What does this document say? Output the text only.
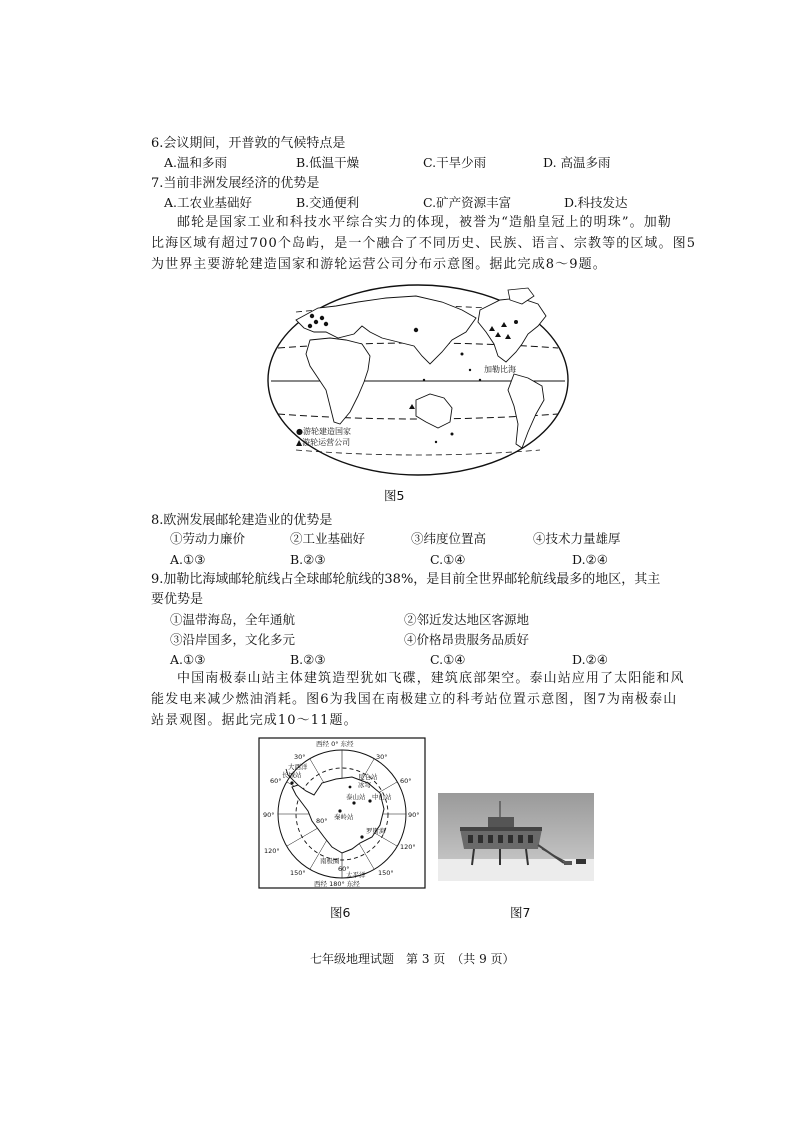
6.会议期间，开普敦的气候特点是
A.温和多雨	B.低温干燥	C.干旱少雨	D. 高温多雨
7.当前非洲发展经济的优势是
A.工农业基础好	B.交通便利	C.矿产资源丰富	D.科技发达
邮轮是国家工业和科技水平综合实力的体现，被誉为“造船皇冠上的明珠”。加勒
比海区域有超过700个岛屿，是一个融合了不同历史、民族、语言、宗教等的区域。图5
为世界主要游轮建造国家和游轮运营公司分布示意图。据此完成8～9题。
加勒比海
●游轮建造国家
▲游轮运营公司
图5
8.欧洲发展邮轮建造业的优势是
①劳动力廉价	②工业基础好	③纬度位置高	④技术力量雄厚
A.①③	B.②③	C.①④	D.②④
9.加勒比海域邮轮航线占全球邮轮航线的38%，是目前全世界邮轮航线最多的地区，其主
要优势是
①温带海岛，全年通航	②邻近发达地区客源地
③沿岸国多，文化多元	④价格昂贵服务品质好
A.①③	B.②③	C.①④	D.②④
中国南极泰山站主体建筑造型犹如飞碟，建筑底部架空。泰山站应用了太阳能和风
能发电来减少燃油消耗。图6为我国在南极建立的科考站位置示意图，图7为南极泰山
站景观图。据此完成10～11题。
西经 0° 东经
西经 180° 东经
30°	30°
60°	60°
90°	90°
120°	120°
150°	150°
80°
60°
长城站
大西洋
昆仑站
中山站
泰山站
冰穹
罗斯海
秦岭站
太平洋
南极圈
图6	图7
七年级地理试题　第 3 页　（共 9 页）
